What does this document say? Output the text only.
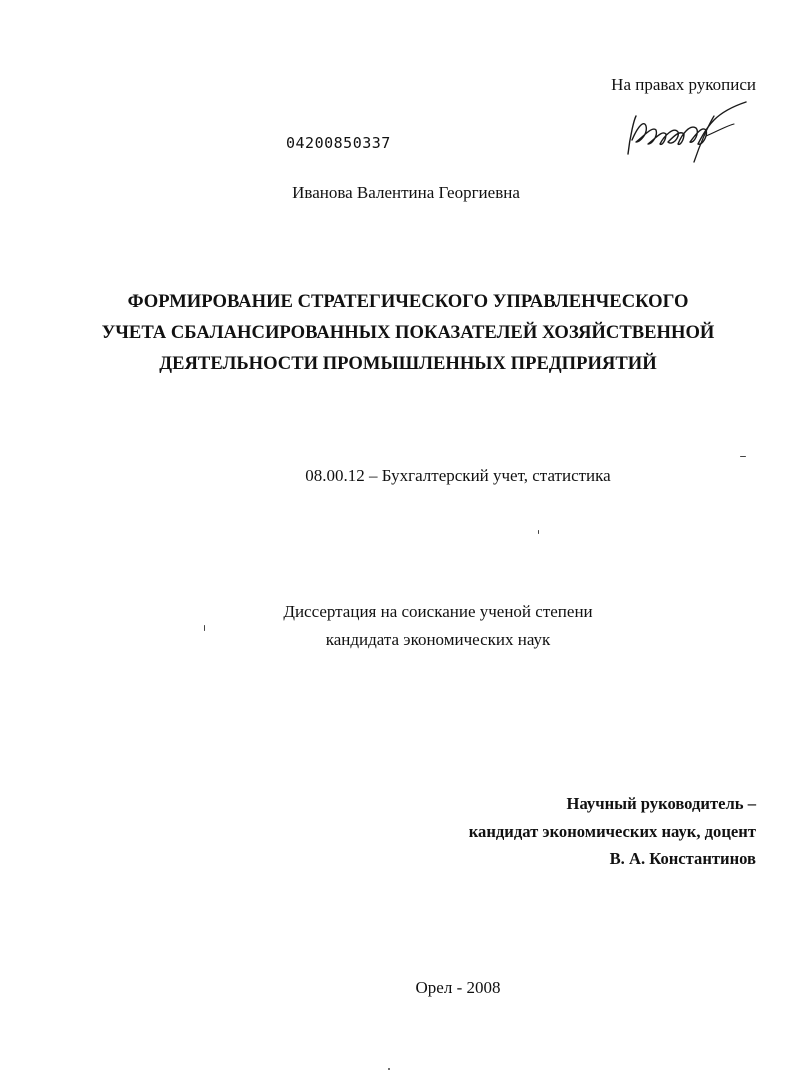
На правах рукописи
04200850337
Иванова Валентина Георгиевна
ФОРМИРОВАНИЕ СТРАТЕГИЧЕСКОГО УПРАВЛЕНЧЕСКОГО
УЧЕТА СБАЛАНСИРОВАННЫХ ПОКАЗАТЕЛЕЙ ХОЗЯЙСТВЕННОЙ
ДЕЯТЕЛЬНОСТИ ПРОМЫШЛЕННЫХ ПРЕДПРИЯТИЙ
08.00.12 – Бухгалтерский учет, статистика
Диссертация на соискание ученой степени
кандидата экономических наук
Научный руководитель –
кандидат экономических наук, доцент
В. А. Константинов
Орел - 2008
